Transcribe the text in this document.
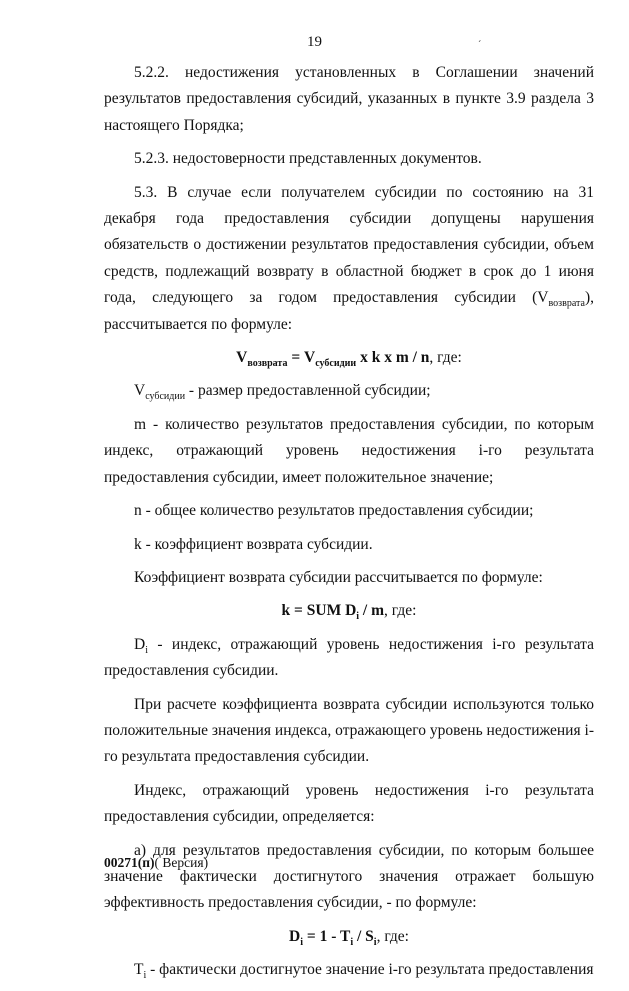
19	´

5.2.2. недостижения установленных в Соглашении значений результатов предоставления субсидий, указанных в пункте 3.9 раздела 3 настоящего Порядка;

5.2.3. недостоверности представленных документов.

5.3. В случае если получателем субсидии по состоянию на 31 декабря года предоставления субсидии допущены нарушения обязательств о достижении результатов предоставления субсидии, объем средств, подлежащий возврату в областной бюджет в срок до 1 июня года, следующего за годом предоставления субсидии $(V_{возврата})$, рассчитывается по формуле:

$V_{возврата} = V_{субсидии}$ x k x m / n, где:

$V_{субсидии}$ - размер предоставленной субсидии;

m - количество результатов предоставления субсидии, по которым индекс, отражающий уровень недостижения i-го результата предоставления субсидии, имеет положительное значение;

n - общее количество результатов предоставления субсидии;

k - коэффициент возврата субсидии.

Коэффициент возврата субсидии рассчитывается по формуле:

k = SUM $D_i$ / m, где:

$D_i$ - индекс, отражающий уровень недостижения i-го результата предоставления субсидии.

При расчете коэффициента возврата субсидии используются только положительные значения индекса, отражающего уровень недостижения i-го результата предоставления субсидии.

Индекс, отражающий уровень недостижения i-го результата предоставления субсидии, определяется:

а) для результатов предоставления субсидии, по которым большее значение фактически достигнутого значения отражает большую эффективность предоставления субсидии, - по формуле:

$D_i = 1 - T_i / S_i$, где:

$T_i$ - фактически достигнутое значение i-го результата предоставления

00271(п)( Версия)
